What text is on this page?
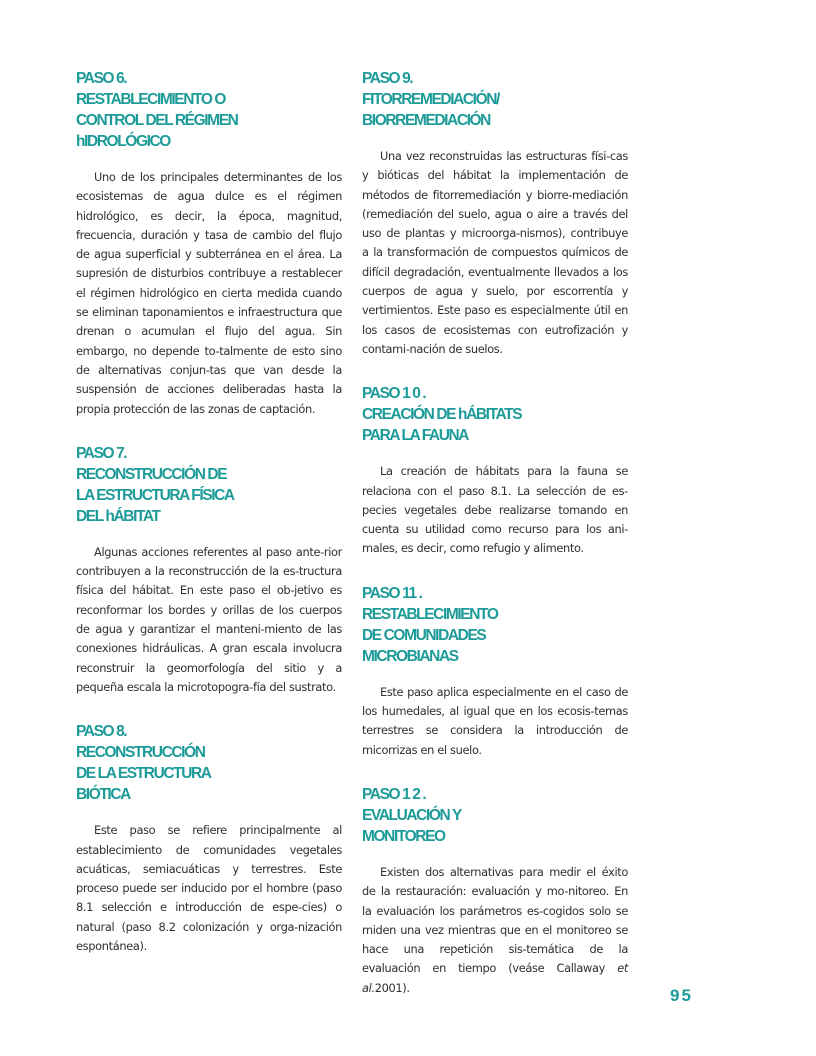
PASO 6.
RESTABLECIMIENTO O
CONTROL DEL RÉGIMEN
hIDROLÓGICO

Uno de los principales determinantes de los ecosistemas de agua dulce es el régimen hidrológico, es decir, la época, magnitud, frecuencia, duración y tasa de cambio del flujo de agua superficial y subterránea en el área. La supresión de disturbios contribuye a restablecer el régimen hidrológico en cierta medida cuando se eliminan taponamientos e infraestructura que drenan o acumulan el flujo del agua. Sin embargo, no depende to-talmente de esto sino de alternativas conjun-tas que van desde la suspensión de acciones deliberadas hasta la propia protección de las zonas de captación.

PASO 7.
RECONSTRUCCIÓN DE
LA ESTRUCTURA FÍSICA
DEL hÁBITAT

Algunas acciones referentes al paso ante-rior contribuyen a la reconstrucción de la es-tructura física del hábitat. En este paso el ob-jetivo es reconformar los bordes y orillas de los cuerpos de agua y garantizar el manteni-miento de las conexiones hidráulicas. A gran escala involucra reconstruir la geomorfología del sitio y a pequeña escala la microtopogra-fía del sustrato.

PASO 8.
RECONSTRUCCIÓN
DE LA ESTRUCTURA
BIÓTICA

Este paso se refiere principalmente al establecimiento de comunidades vegetales acuáticas, semiacuáticas y terrestres. Este proceso puede ser inducido por el hombre (paso 8.1 selección e introducción de espe-cies) o natural (paso 8.2 colonización y orga-nización espontánea).

PASO 9.
FITORREMEDIACIÓN/
BIORREMEDIACIÓN

Una vez reconstruidas las estructuras físi-cas y bióticas del hábitat la implementación de métodos de fitorremediación y biorre-mediación (remediación del suelo, agua o aire a través del uso de plantas y microorga-nismos), contribuye a la transformación de compuestos químicos de difícil degradación, eventualmente llevados a los cuerpos de agua y suelo, por escorrentía y vertimientos. Este paso es especialmente útil en los casos de ecosistemas con eutrofización y contami-nación de suelos.

PASO 1 0 .
CREACIÓN DE hÁBITATS
PARA LA FAUNA

La creación de hábitats para la fauna se relaciona con el paso 8.1. La selección de es-pecies vegetales debe realizarse tomando en cuenta su utilidad como recurso para los ani-males, es decir, como refugio y alimento.

PASO 11 .
RESTABLECIMIENTO
DE COMUNIDADES
MICROBIANAS

Este paso aplica especialmente en el caso de los humedales, al igual que en los ecosis-temas terrestres se considera la introducción de micorrizas en el suelo.

PASO 1 2 .
EVALUACIÓN Y
MONITOREO

Existen dos alternativas para medir el éxito de la restauración: evaluación y mo-nitoreo. En la evaluación los parámetros es-cogidos solo se miden una vez mientras que en el monitoreo se hace una repetición sis-temática de la evaluación en tiempo (veáse Callaway et al.2001).	95
